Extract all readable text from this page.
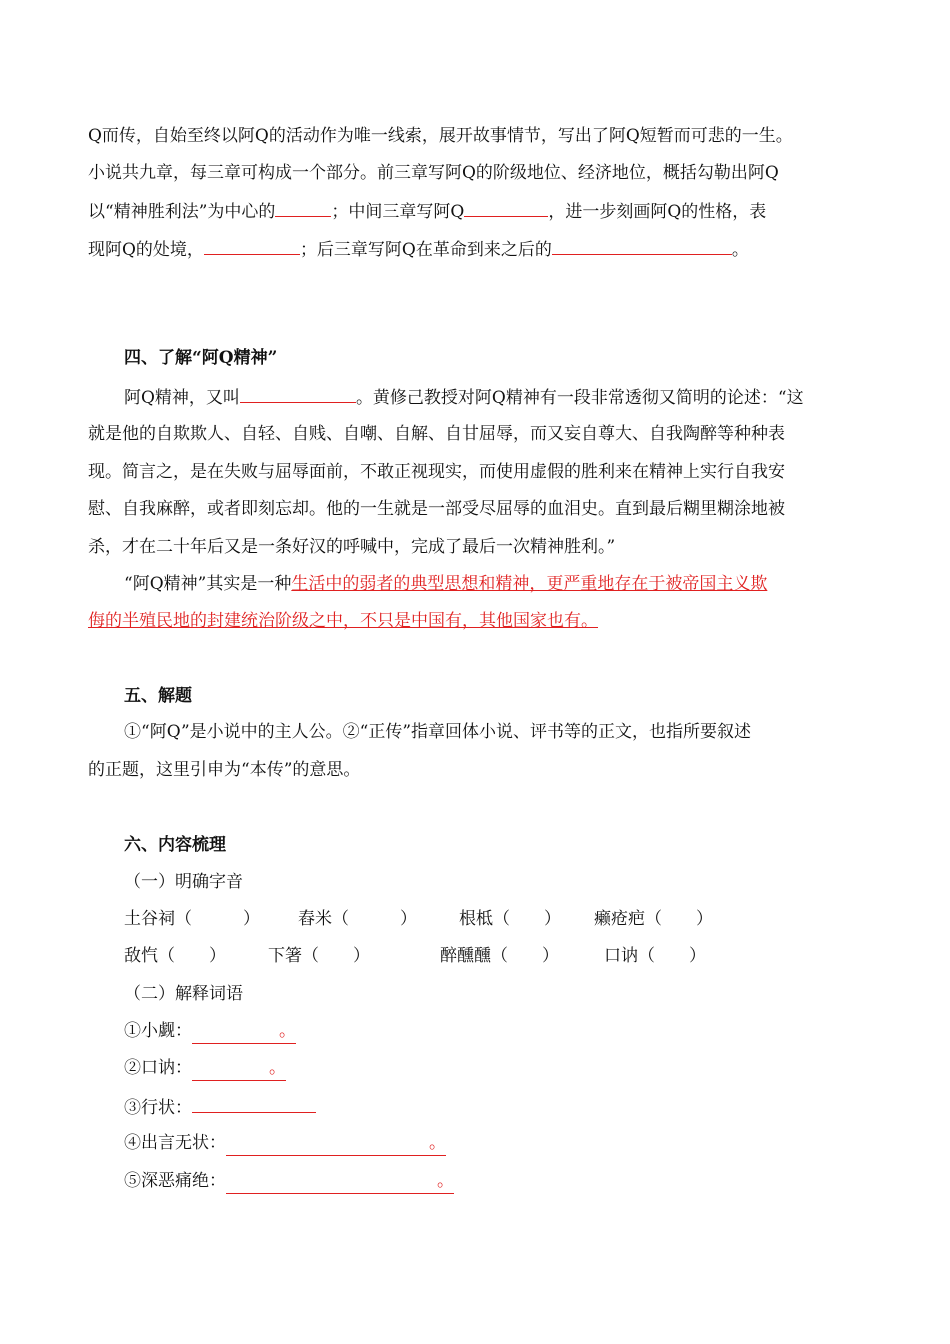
Q而传，自始至终以阿Q的活动作为唯一线索，展开故事情节，写出了阿Q短暂而可悲的一生。
小说共九章，每三章可构成一个部分。前三章写阿Q的阶级地位、经济地位，概括勾勒出阿Q
以“精神胜利法”为中心的	；中间三章写阿Q	，进一步刻画阿Q的性格，表
现阿Q的处境，	；后三章写阿Q在革命到来之后的	。
四、了解“阿Q精神”
阿Q精神，又叫	。黄修己教授对阿Q精神有一段非常透彻又简明的论述：“这
就是他的自欺欺人、自轻、自贱、自嘲、自解、自甘屈辱，而又妄自尊大、自我陶醉等种种表
现。简言之，是在失败与屈辱面前，不敢正视现实，而使用虚假的胜利来在精神上实行自我安
慰、自我麻醉，或者即刻忘却。他的一生就是一部受尽屈辱的血泪史。直到最后糊里糊涂地被
杀，才在二十年后又是一条好汉的呼喊中，完成了最后一次精神胜利。”
“阿Q精神”其实是一种生活中的弱者的典型思想和精神，更严重地存在于被帝国主义欺
侮的半殖民地的封建统治阶级之中，不只是中国有，其他国家也有。
五、解题
①“阿Q”是小说中的主人公。②“正传”指章回体小说、评书等的正文，也指所要叙述
的正题，这里引申为“本传”的意思。
六、内容梳理
（一）明确字音
土谷祠（　　　） 舂米（　　　） 根柢（　　） 癞疮疤（　　）
敌忾（　　） 下箸（　　）	醉醺醺（　　）	口讷（　　）
（二）解释词语
①小觑：	。
②口讷：	。
③行状：
④出言无状：	。
⑤深恶痛绝：	。
